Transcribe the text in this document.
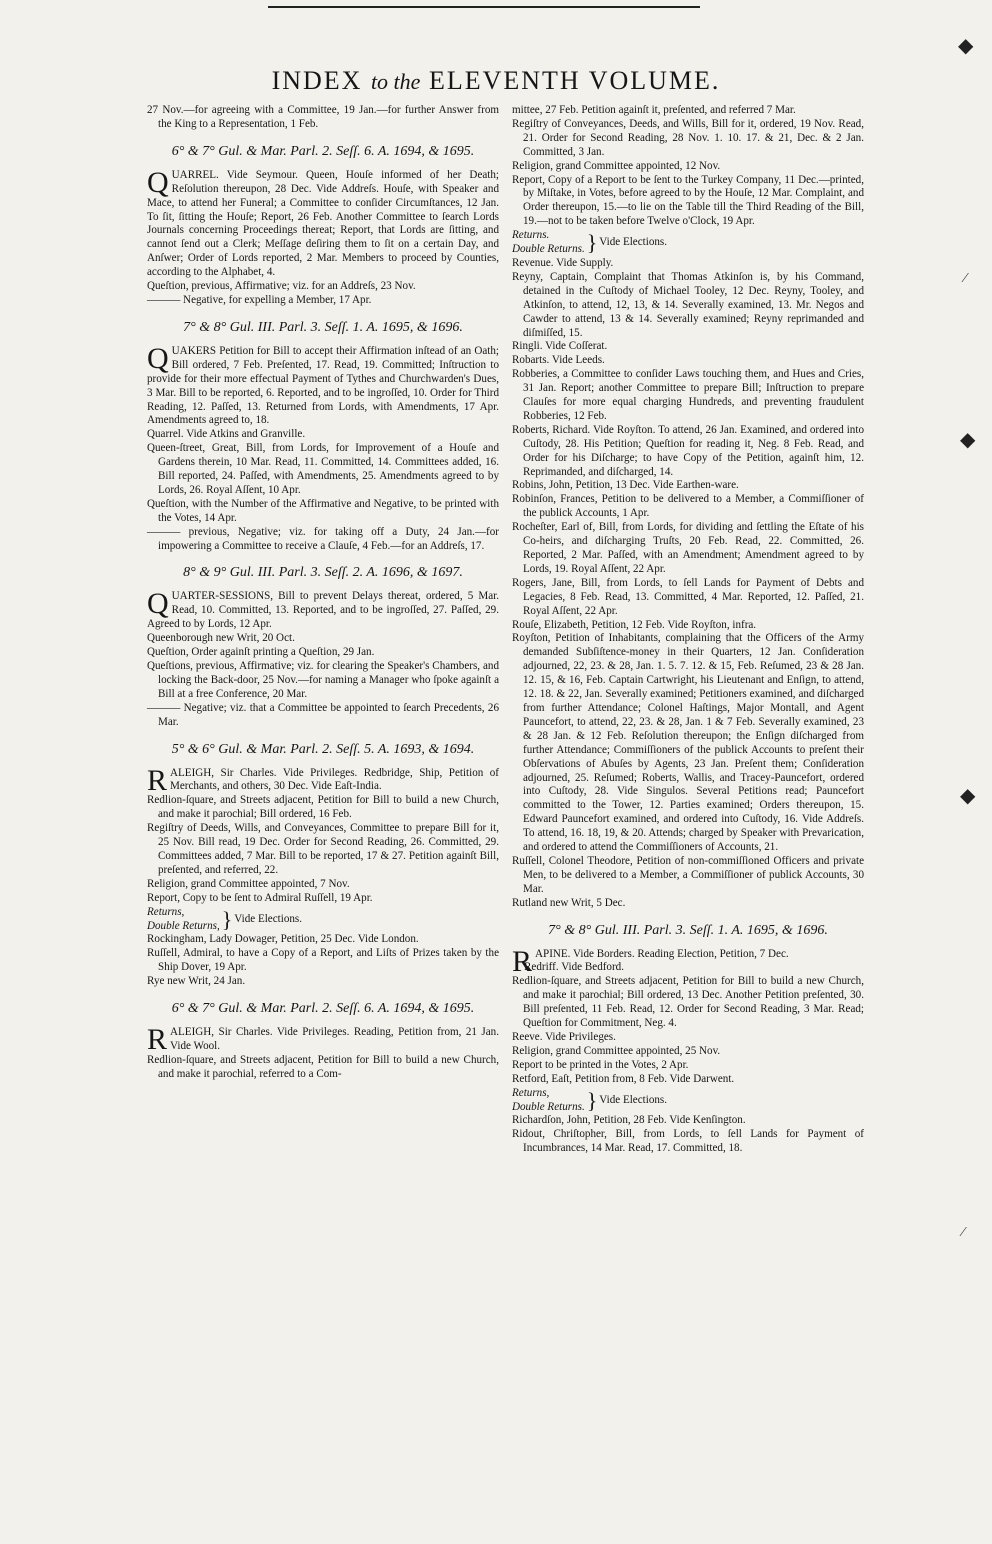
◆
⁄
◆
◆
⁄
INDEX to the ELEVENTH VOLUME.

27 Nov.—for agreeing with a Committee, 19 Jan.—for further Answer from the King to a Representation, 1 Feb.

6° & 7° Gul. & Mar. Parl. 2. Seſſ. 6. A. 1694, & 1695.

QUARREL. Vide Seymour. Queen, Houſe informed of her Death; Reſolution thereupon, 28 Dec. Vide Addreſs. Houſe, with Speaker and Mace, to attend her Funeral; a Committee to conſider Circumſtances, 12 Jan. To ſit, ſitting the Houſe; Report, 26 Feb. Another Committee to ſearch Lords Journals concerning Proceedings thereat; Report, that Lords are ſitting, and cannot ſend out a Clerk; Meſſage deſiring them to ſit on a certain Day, and Anſwer; Order of Lords reported, 2 Mar. Members to proceed by Counties, according to the Alphabet, 4.

Queſtion, previous, Affirmative; viz. for an Addreſs, 23 Nov.

——— Negative, for expelling a Member, 17 Apr.

7° & 8° Gul. III. Parl. 3. Seſſ. 1. A. 1695, & 1696.

QUAKERS Petition for Bill to accept their Affirmation inſtead of an Oath; Bill ordered, 7 Feb. Preſented, 17. Read, 19. Committed; Inſtruction to provide for their more effectual Payment of Tythes and Churchwarden's Dues, 3 Mar. Bill to be reported, 6. Reported, and to be ingroſſed, 10. Order for Third Reading, 12. Paſſed, 13. Returned from Lords, with Amendments, 17 Apr. Amendments agreed to, 18.

Quarrel. Vide Atkins and Granville.

Queen-ſtreet, Great, Bill, from Lords, for Improvement of a Houſe and Gardens therein, 10 Mar. Read, 11. Committed, 14. Committees added, 16. Bill reported, 24. Paſſed, with Amendments, 25. Amendments agreed to by Lords, 26. Royal Aſſent, 10 Apr.

Queſtion, with the Number of the Affirmative and Negative, to be printed with the Votes, 14 Apr.

——— previous, Negative; viz. for taking off a Duty, 24 Jan.—for impowering a Committee to receive a Clauſe, 4 Feb.—for an Addreſs, 17.

8° & 9° Gul. III. Parl. 3. Seſſ. 2. A. 1696, & 1697.

QUARTER-SESSIONS, Bill to prevent Delays thereat, ordered, 5 Mar. Read, 10. Committed, 13. Reported, and to be ingroſſed, 27. Paſſed, 29. Agreed to by Lords, 12 Apr.

Queenborough new Writ, 20 Oct.

Queſtion, Order againſt printing a Queſtion, 29 Jan.

Queſtions, previous, Affirmative; viz. for clearing the Speaker's Chambers, and locking the Back-door, 25 Nov.—for naming a Manager who ſpoke againſt a Bill at a free Conference, 20 Mar.

——— Negative; viz. that a Committee be appointed to ſearch Precedents, 26 Mar.

5° & 6° Gul. & Mar. Parl. 2. Seſſ. 5. A. 1693, & 1694.

RALEIGH, Sir Charles. Vide Privileges. Redbridge, Ship, Petition of Merchants, and others, 30 Dec. Vide Eaſt-India.

Redlion-ſquare, and Streets adjacent, Petition for Bill to build a new Church, and make it parochial; Bill ordered, 16 Feb.

Regiſtry of Deeds, Wills, and Conveyances, Committee to prepare Bill for it, 25 Nov. Bill read, 19 Dec. Order for Second Reading, 26. Committed, 29. Committees added, 7 Mar. Bill to be reported, 17 & 27. Petition againſt Bill, preſented, and referred, 22.

Religion, grand Committee appointed, 7 Nov.

Report, Copy to be ſent to Admiral Ruſſell, 19 Apr.

Returns,
Double Returns, } Vide Elections.

Rockingham, Lady Dowager, Petition, 25 Dec. Vide London.

Ruſſell, Admiral, to have a Copy of a Report, and Liſts of Prizes taken by the Ship Dover, 19 Apr.

Rye new Writ, 24 Jan.

6° & 7° Gul. & Mar. Parl. 2. Seſſ. 6. A. 1694, & 1695.

RALEIGH, Sir Charles. Vide Privileges. Reading, Petition from, 21 Jan. Vide Wool.

Redlion-ſquare, and Streets adjacent, Petition for Bill to build a new Church, and make it parochial, referred to a Com-

mittee, 27 Feb. Petition againſt it, preſented, and referred 7 Mar.

Regiſtry of Conveyances, Deeds, and Wills, Bill for it, ordered, 19 Nov. Read, 21. Order for Second Reading, 28 Nov. 1. 10. 17. & 21, Dec. & 2 Jan. Committed, 3 Jan.

Religion, grand Committee appointed, 12 Nov.

Report, Copy of a Report to be ſent to the Turkey Company, 11 Dec.—printed, by Miſtake, in Votes, before agreed to by the Houſe, 12 Mar. Complaint, and Order thereupon, 15.—to lie on the Table till the Third Reading of the Bill, 19.—not to be taken before Twelve o'Clock, 19 Apr.

Returns.
Double Returns. } Vide Elections.

Revenue. Vide Supply.

Reyny, Captain, Complaint that Thomas Atkinſon is, by his Command, detained in the Cuſtody of Michael Tooley, 12 Dec. Reyny, Tooley, and Atkinſon, to attend, 12, 13, & 14. Severally examined, 13. Mr. Negos and Cawder to attend, 13 & 14. Severally examined; Reyny reprimanded and diſmiſſed, 15.

Ringli. Vide Coſſerat.

Robarts. Vide Leeds.

Robberies, a Committee to conſider Laws touching them, and Hues and Cries, 31 Jan. Report; another Committee to prepare Bill; Inſtruction to prepare Clauſes for more equal charging Hundreds, and preventing fraudulent Robberies, 12 Feb.

Roberts, Richard. Vide Royſton. To attend, 26 Jan. Examined, and ordered into Cuſtody, 28. His Petition; Queſtion for reading it, Neg. 8 Feb. Read, and Order for his Diſcharge; to have Copy of the Petition, againſt him, 12. Reprimanded, and diſcharged, 14.

Robins, John, Petition, 13 Dec. Vide Earthen-ware.

Robinſon, Frances, Petition to be delivered to a Member, a Commiſſioner of the publick Accounts, 1 Apr.

Rocheſter, Earl of, Bill, from Lords, for dividing and ſettling the Eſtate of his Co-heirs, and diſcharging Truſts, 20 Feb. Read, 22. Committed, 26. Reported, 2 Mar. Paſſed, with an Amendment; Amendment agreed to by Lords, 19. Royal Aſſent, 22 Apr.

Rogers, Jane, Bill, from Lords, to ſell Lands for Payment of Debts and Legacies, 8 Feb. Read, 13. Committed, 4 Mar. Reported, 12. Paſſed, 21. Royal Aſſent, 22 Apr.

Rouſe, Elizabeth, Petition, 12 Feb. Vide Royſton, infra.

Royſton, Petition of Inhabitants, complaining that the Officers of the Army demanded Subſiſtence-money in their Quarters, 12 Jan. Conſideration adjourned, 22, 23. & 28, Jan. 1. 5. 7. 12. & 15, Feb. Reſumed, 23 & 28 Jan. 12. 15, & 16, Feb. Captain Cartwright, his Lieutenant and Enſign, to attend, 12. 18. & 22, Jan. Severally examined; Petitioners examined, and diſcharged from further Attendance; Colonel Haſtings, Major Montall, and Agent Pauncefort, to attend, 22, 23. & 28, Jan. 1 & 7 Feb. Severally examined, 23 & 28 Jan. & 12 Feb. Reſolution thereupon; the Enſign diſcharged from further Attendance; Commiſſioners of the publick Accounts to preſent their Obſervations of Abuſes by Agents, 23 Jan. Preſent them; Conſideration adjourned, 25. Reſumed; Roberts, Wallis, and Tracey-Pauncefort, ordered into Cuſtody, 28. Vide Singulos. Several Petitions read; Pauncefort committed to the Tower, 12. Parties examined; Orders thereupon, 15. Edward Pauncefort examined, and ordered into Cuſtody, 16. Vide Addreſs. To attend, 16. 18, 19, & 20. Attends; charged by Speaker with Prevarication, and ordered to attend the Commiſſioners of Accounts, 21.

Ruſſell, Colonel Theodore, Petition of non-commiſſioned Officers and private Men, to be delivered to a Member, a Commiſſioner of publick Accounts, 30 Mar.

Rutland new Writ, 5 Dec.

7° & 8° Gul. III. Parl. 3. Seſſ. 1. A. 1695, & 1696.

RAPINE. Vide Borders. Reading Election, Petition, 7 Dec.

Redriff. Vide Bedford.

Redlion-ſquare, and Streets adjacent, Petition for Bill to build a new Church, and make it parochial; Bill ordered, 13 Dec. Another Petition preſented, 30. Bill preſented, 11 Feb. Read, 12. Order for Second Reading, 3 Mar. Read; Queſtion for Commitment, Neg. 4.

Reeve. Vide Privileges.

Religion, grand Committee appointed, 25 Nov.

Report to be printed in the Votes, 2 Apr.

Retford, Eaſt, Petition from, 8 Feb. Vide Darwent.

Returns,
Double Returns. } Vide Elections.

Richardſon, John, Petition, 28 Feb. Vide Kenſington.

Ridout, Chriſtopher, Bill, from Lords, to ſell Lands for Payment of Incumbrances, 14 Mar. Read, 17. Committed, 18.
